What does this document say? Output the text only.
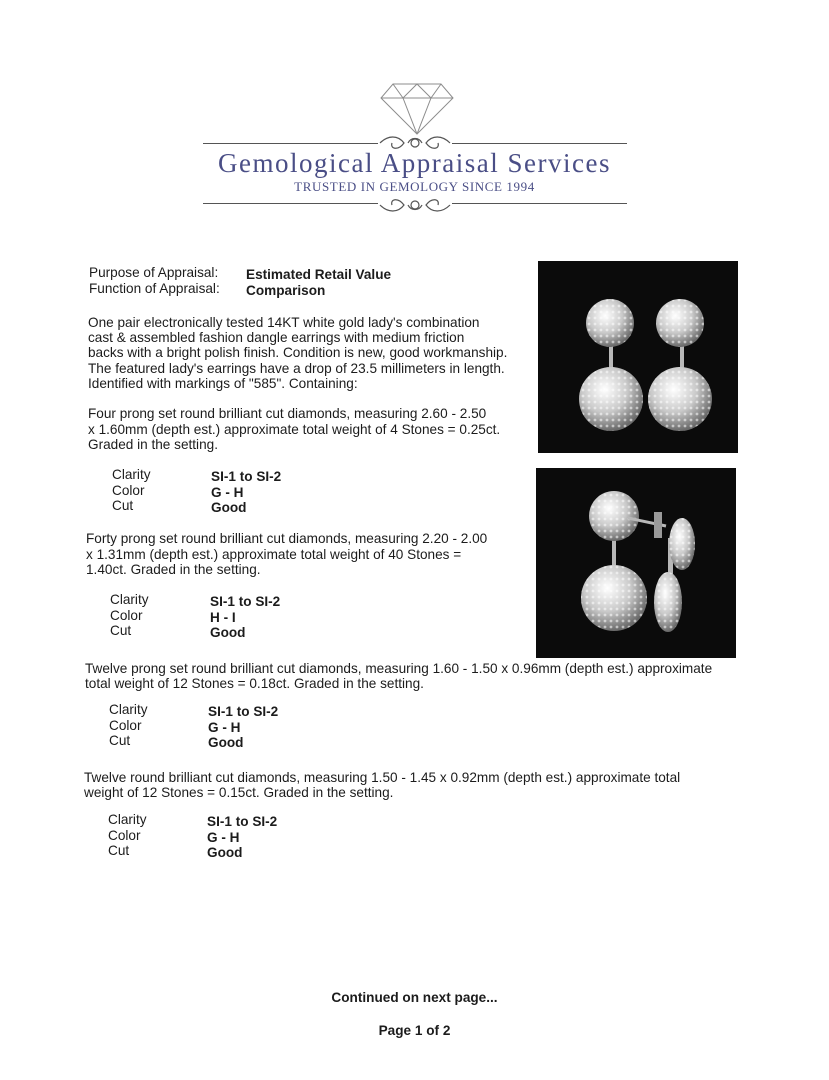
Gemological Appraisal Services
TRUSTED IN GEMOLOGY SINCE 1994
Purpose of Appraisal: Estimated Retail Value
Function of Appraisal: Comparison
One pair electronically tested 14KT white gold lady's combination
cast & assembled fashion dangle earrings with medium friction
backs with a bright polish finish. Condition is new, good workmanship.
The featured lady's earrings have a drop of 23.5 millimeters in length.
Identified with markings of "585". Containing:
Four prong set round brilliant cut diamonds, measuring 2.60 - 2.50
x 1.60mm (depth est.) approximate total weight of 4 Stones = 0.25ct.
Graded in the setting.
Clarity	SI-1 to SI-2
Color	G - H
Cut	Good
Forty prong set round brilliant cut diamonds, measuring 2.20 - 2.00
x 1.31mm (depth est.) approximate total weight of 40 Stones =
1.40ct. Graded in the setting.
Clarity	SI-1 to SI-2
Color	H - I
Cut	Good
Twelve prong set round brilliant cut diamonds, measuring 1.60 - 1.50 x 0.96mm (depth est.) approximate
total weight of 12 Stones = 0.18ct. Graded in the setting.
Clarity	SI-1 to SI-2
Color	G - H
Cut	Good
Twelve round brilliant cut diamonds, measuring 1.50 - 1.45 x 0.92mm (depth est.) approximate total
weight of 12 Stones = 0.15ct. Graded in the setting.
Clarity	SI-1 to SI-2
Color	G - H
Cut	Good
Continued on next page...
Page 1 of 2
